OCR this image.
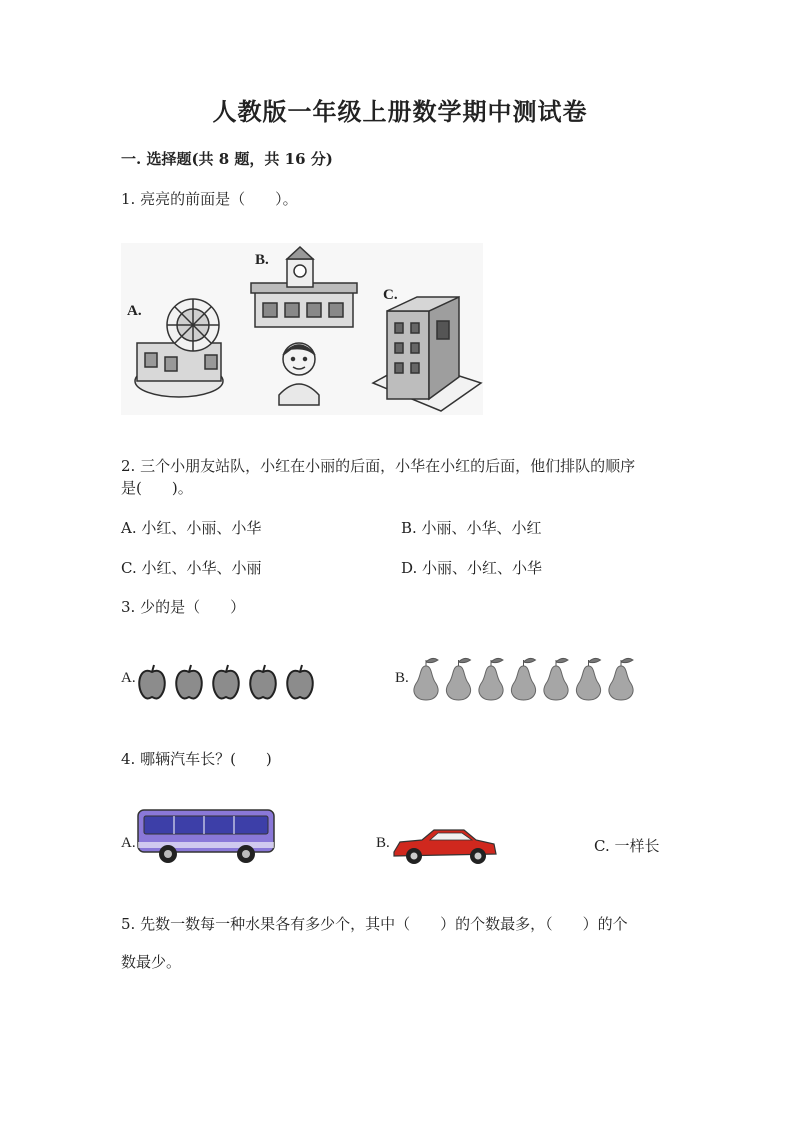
人教版一年级上册数学期中测试卷
一. 选择题(共 8 题，共 16 分)
1. 亮亮的前面是（　　）。
A.
B.
C.
2. 三个小朋友站队，小红在小丽的后面，小华在小红的后面，他们排队的顺序
是(　　)。
A. 小红、小丽、小华	B. 小丽、小华、小红
C. 小红、小华、小丽	D. 小丽、小红、小华
3. 少的是（　　）
A.	B.
4. 哪辆汽车长？(　　)
A.	B.	C. 一样长
5. 先数一数每一种水果各有多少个，其中（　　）的个数最多，（　　）的个
数最少。
